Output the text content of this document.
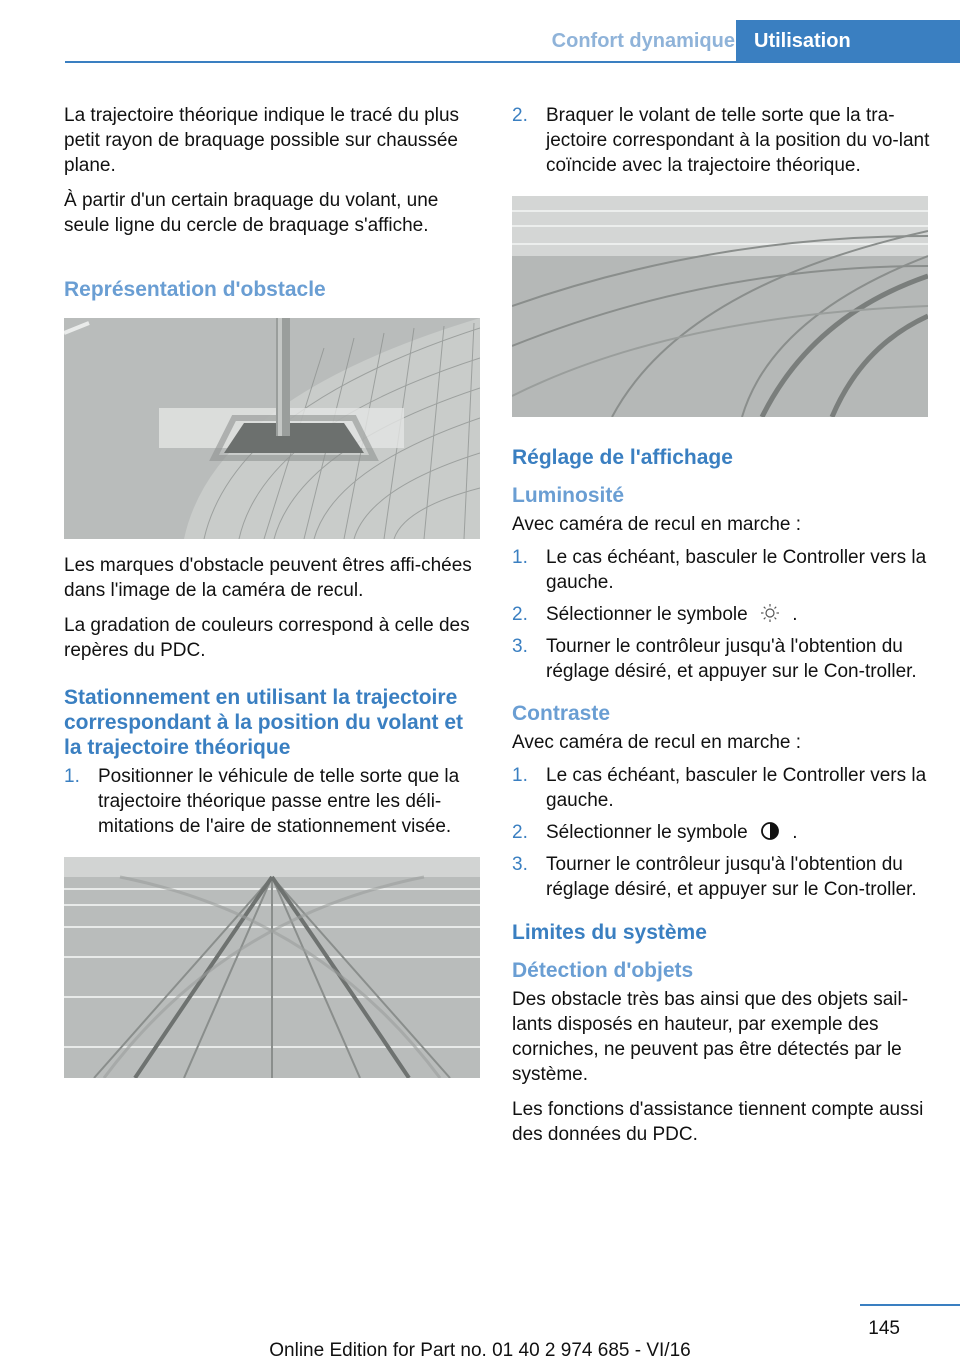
Confort dynamique Utilisation

La trajectoire théorique indique le tracé du plus petit rayon de braquage possible sur chaussée plane.

À partir d'un certain braquage du volant, une seule ligne du cercle de braquage s'affiche.

Représentation d'obstacle

Les marques d'obstacle peuvent êtres affi‐chées dans l'image de la caméra de recul.

La gradation de couleurs correspond à celle des repères du PDC.

Stationnement en utilisant la trajectoire correspondant à la position du volant et la trajectoire théorique
1. Positionner le véhicule de telle sorte que la trajectoire théorique passe entre les déli‐mitations de l'aire de stationnement visée.
2. Braquer le volant de telle sorte que la tra‐jectoire correspondant à la position du vo‐lant coïncide avec la trajectoire théorique.
Réglage de l'affichage
Luminosité

Avec caméra de recul en marche :

1. Le cas échéant, basculer le Controller vers la gauche.
2. Sélectionner le symbole .
3. Tourner le contrôleur jusqu'à l'obtention du réglage désiré, et appuyer sur le Con‐troller.
Contraste

Avec caméra de recul en marche :

1. Le cas échéant, basculer le Controller vers la gauche.
2. Sélectionner le symbole .
3. Tourner le contrôleur jusqu'à l'obtention du réglage désiré, et appuyer sur le Con‐troller.
Limites du système
Détection d'objets

Des obstacle très bas ainsi que des objets sail‐lants disposés en hauteur, par exemple des corniches, ne peuvent pas être détectés par le système.

Les fonctions d'assistance tiennent compte aussi des données du PDC.

145
Online Edition for Part no. 01 40 2 974 685 - VI/16
